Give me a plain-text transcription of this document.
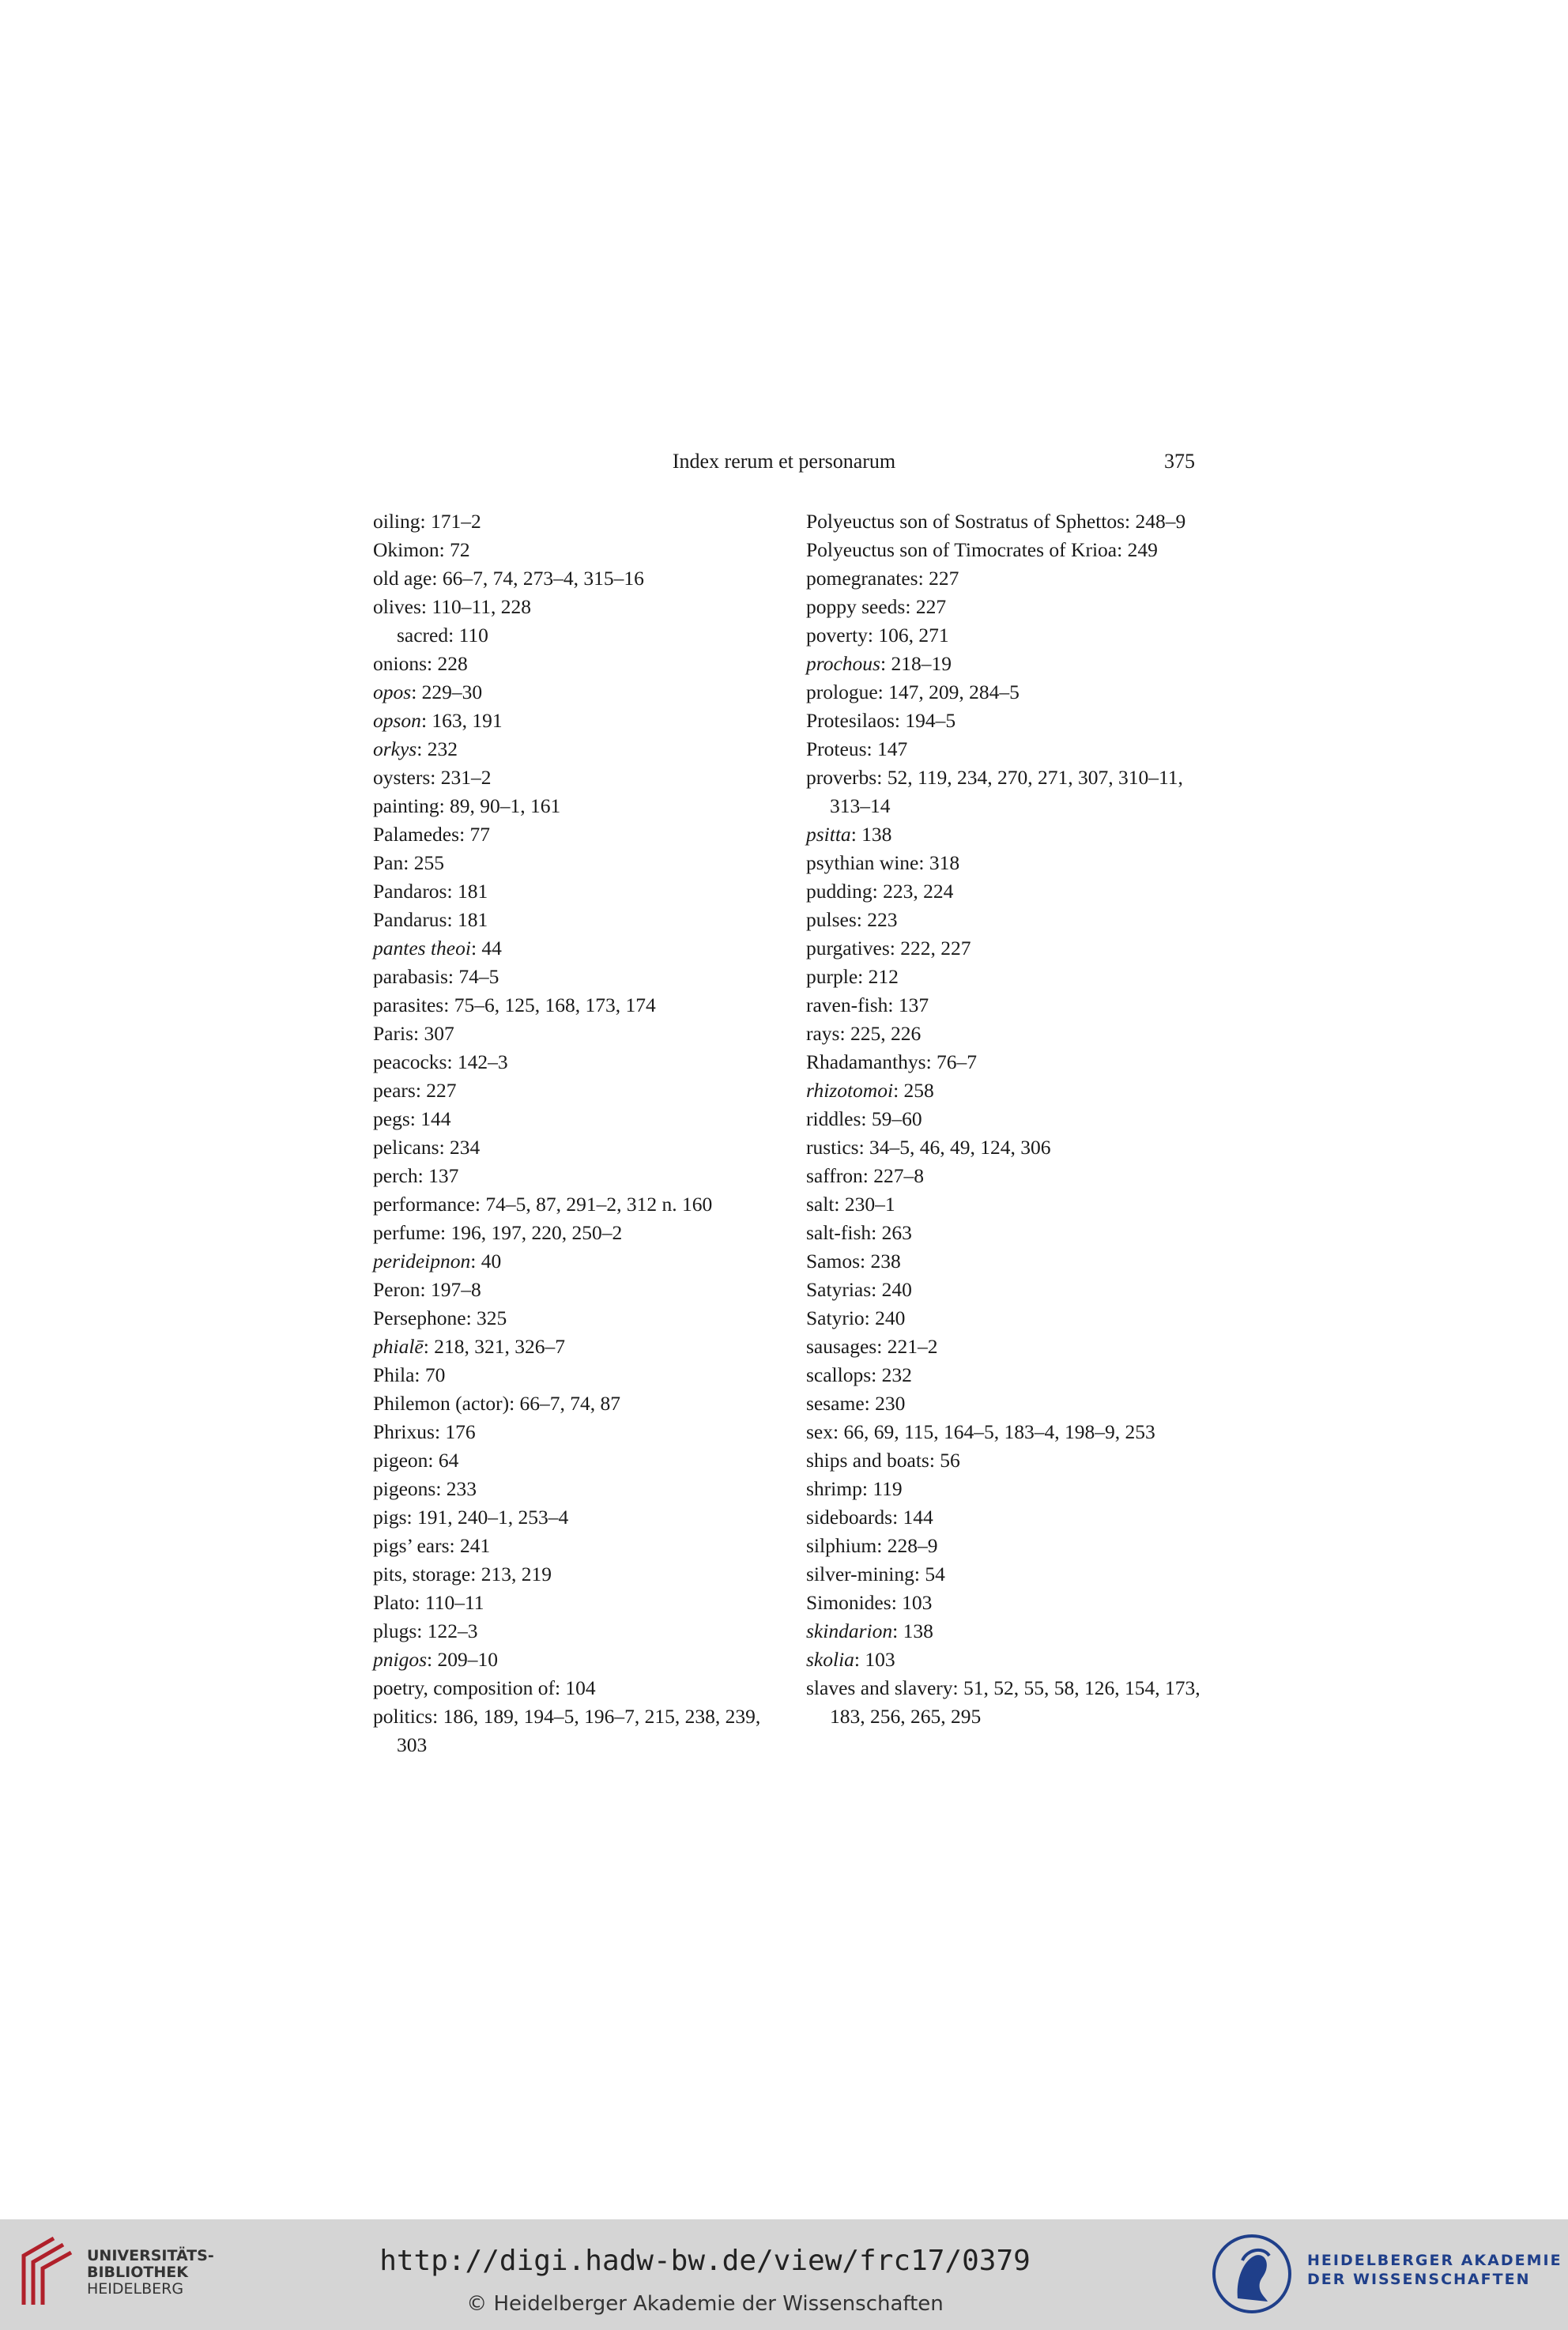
Index rerum et personarum	375
oiling: 171–2
Okimon: 72
old age: 66–7, 74, 273–4, 315–16
olives: 110–11, 228
sacred: 110
onions: 228
opos: 229–30
opson: 163, 191
orkys: 232
oysters: 231–2
painting: 89, 90–1, 161
Palamedes: 77
Pan: 255
Pandaros: 181
Pandarus: 181
pantes theoi: 44
parabasis: 74–5
parasites: 75–6, 125, 168, 173, 174
Paris: 307
peacocks: 142–3
pears: 227
pegs: 144
pelicans: 234
perch: 137
performance: 74–5, 87, 291–2, 312 n. 160
perfume: 196, 197, 220, 250–2
perideipnon: 40
Peron: 197–8
Persephone: 325
phialē: 218, 321, 326–7
Phila: 70
Philemon (actor): 66–7, 74, 87
Phrixus: 176
pigeon: 64
pigeons: 233
pigs: 191, 240–1, 253–4
pigs’ ears: 241
pits, storage: 213, 219
Plato: 110–11
plugs: 122–3
pnigos: 209–10
poetry, composition of: 104
politics: 186, 189, 194–5, 196–7, 215, 238, 239, 303
Polyeuctus son of Sostratus of Sphettos: 248–9
Polyeuctus son of Timocrates of Krioa: 249
pomegranates: 227
poppy seeds: 227
poverty: 106, 271
prochous: 218–19
prologue: 147, 209, 284–5
Protesilaos: 194–5
Proteus: 147
proverbs: 52, 119, 234, 270, 271, 307, 310–11, 313–14
psitta: 138
psythian wine: 318
pudding: 223, 224
pulses: 223
purgatives: 222, 227
purple: 212
raven-fish: 137
rays: 225, 226
Rhadamanthys: 76–7
rhizotomoi: 258
riddles: 59–60
rustics: 34–5, 46, 49, 124, 306
saffron: 227–8
salt: 230–1
salt-fish: 263
Samos: 238
Satyrias: 240
Satyrio: 240
sausages: 221–2
scallops: 232
sesame: 230
sex: 66, 69, 115, 164–5, 183–4, 198–9, 253
ships and boats: 56
shrimp: 119
sideboards: 144
silphium: 228–9
silver-mining: 54
Simonides: 103
skindarion: 138
skolia: 103
slaves and slavery: 51, 52, 55, 58, 126, 154, 173, 183, 256, 265, 295
UNIVERSITÄTS-
BIBLIOTHEK
HEIDELBERG
http://digi.hadw-bw.de/view/frc17/0379
© Heidelberger Akademie der Wissenschaften
HEIDELBERGER AKADEMIE
DER WISSENSCHAFTEN
